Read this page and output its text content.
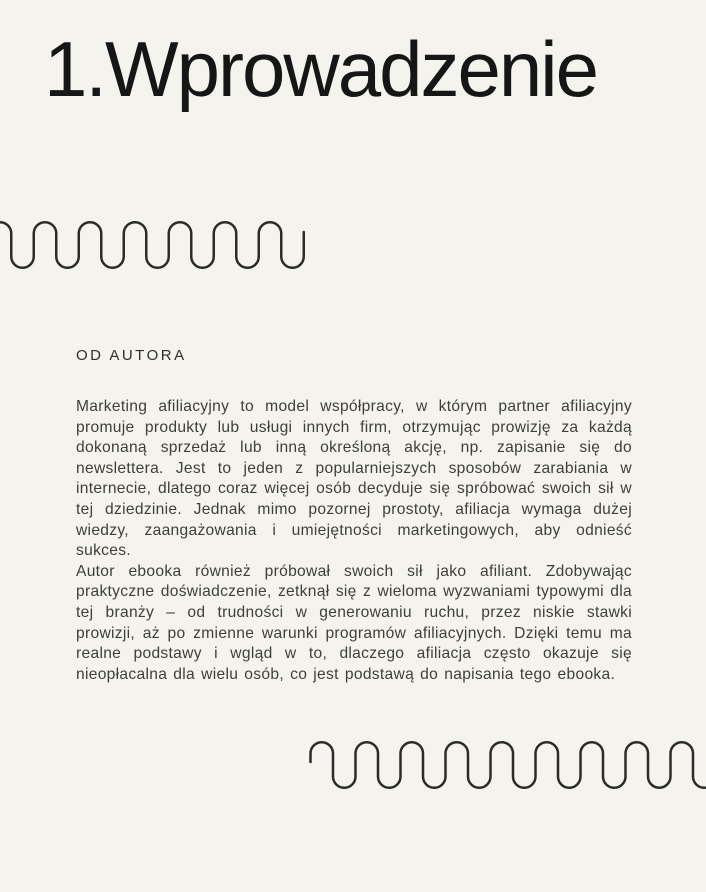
1.Wprowadzenie
OD AUTORA

Marketing afiliacyjny to model współpracy, w którym partner afiliacyjny promuje produkty lub usługi innych firm, otrzymując prowizję za każdą dokonaną sprzedaż lub inną określoną akcję, np. zapisanie się do newslettera. Jest to jeden z popularniejszych sposobów zarabiania w internecie, dlatego coraz więcej osób decyduje się spróbować swoich sił w tej dziedzinie. Jednak mimo pozornej prostoty, afiliacja wymaga dużej wiedzy, zaangażowania i umiejętności marketingowych, aby odnieść sukces.

Autor ebooka również próbował swoich sił jako afiliant. Zdobywając praktyczne doświadczenie, zetknął się z wieloma wyzwaniami typowymi dla tej branży – od trudności w generowaniu ruchu, przez niskie stawki prowizji, aż po zmienne warunki programów afiliacyjnych. Dzięki temu ma realne podstawy i wgląd w to, dlaczego afiliacja często okazuje się nieopłacalna dla wielu osób, co jest podstawą do napisania tego ebooka.
